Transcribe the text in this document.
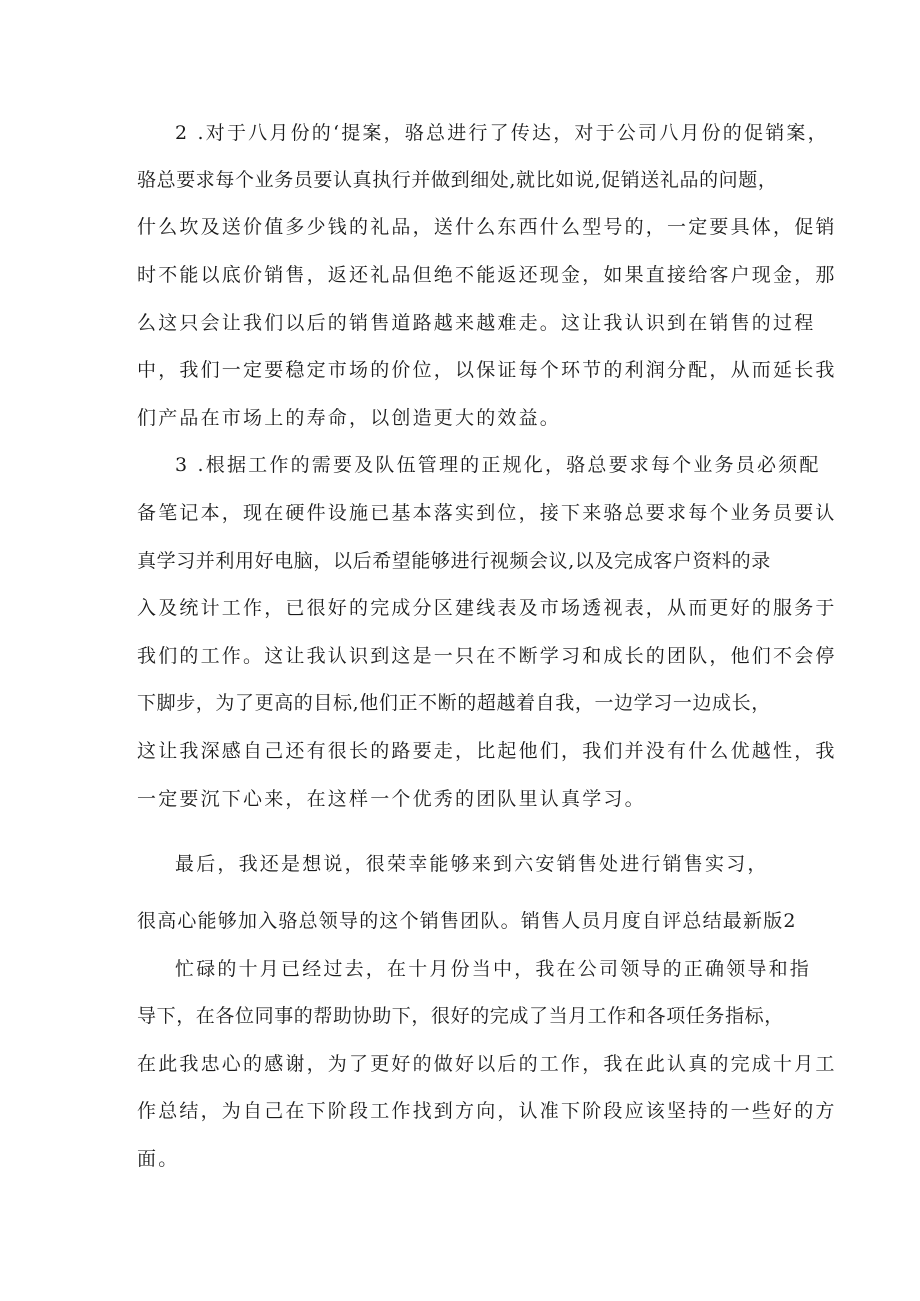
2 .对于八月份的‘提案，骆总进行了传达，对于公司八月份的促销案，
骆总要求每个业务员要认真执行并做到细处,就比如说,促销送礼品的问题，
什么坎及送价值多少钱的礼品，送什么东西什么型号的，一定要具体，促销
时不能以底价销售，返还礼品但绝不能返还现金，如果直接给客户现金，那
么这只会让我们以后的销售道路越来越难走。这让我认识到在销售的过程
中，我们一定要稳定市场的价位，以保证每个环节的利润分配，从而延长我
们产品在市场上的寿命，以创造更大的效益。
3 .根据工作的需要及队伍管理的正规化，骆总要求每个业务员必须配
备笔记本，现在硬件设施已基本落实到位，接下来骆总要求每个业务员要认
真学习并利用好电脑，以后希望能够进行视频会议,以及完成客户资料的录
入及统计工作，已很好的完成分区建线表及市场透视表，从而更好的服务于
我们的工作。这让我认识到这是一只在不断学习和成长的团队，他们不会停
下脚步，为了更高的目标,他们正不断的超越着自我，一边学习一边成长，
这让我深感自己还有很长的路要走，比起他们，我们并没有什么优越性，我
一定要沉下心来，在这样一个优秀的团队里认真学习。
最后，我还是想说，很荣幸能够来到六安销售处进行销售实习，
很高心能够加入骆总领导的这个销售团队。销售人员月度自评总结最新版2
忙碌的十月已经过去，在十月份当中，我在公司领导的正确领导和指
导下，在各位同事的帮助协助下，很好的完成了当月工作和各项任务指标，
在此我忠心的感谢，为了更好的做好以后的工作，我在此认真的完成十月工
作总结，为自己在下阶段工作找到方向，认准下阶段应该坚持的一些好的方
面。
